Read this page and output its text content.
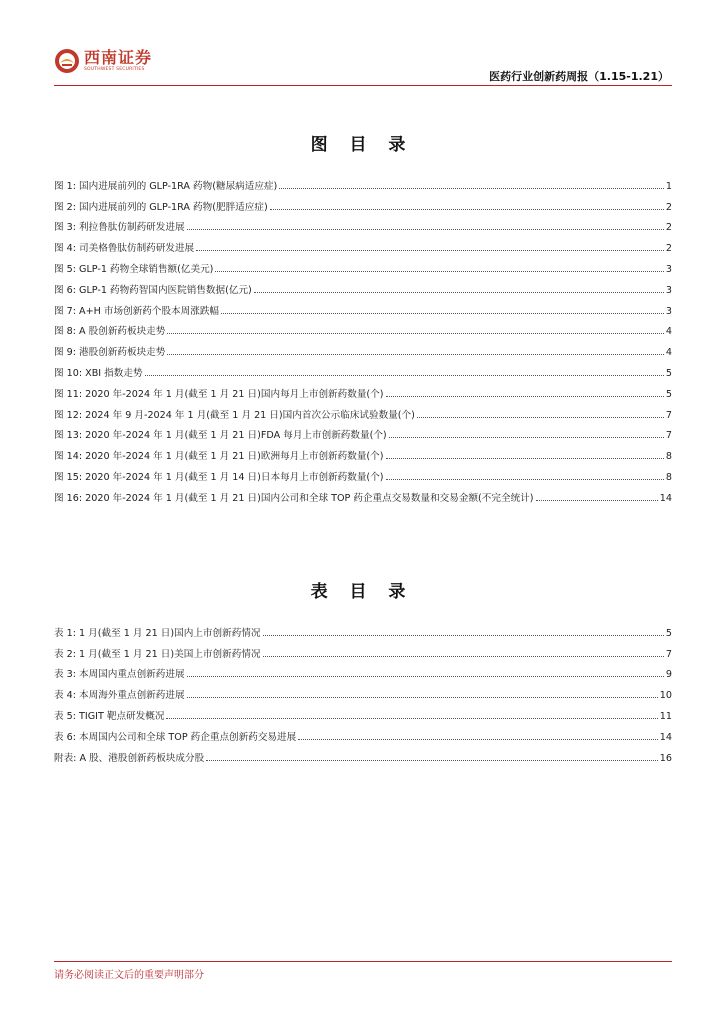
西南证券
SOUTHWEST SECURITIES
医药行业创新药周报（1.15-1.21）
图 目 录
图 1: 国内进展前列的 GLP-1RA 药物(糖尿病适应症)	1
图 2: 国内进展前列的 GLP-1RA 药物(肥胖适应症)	2
图 3: 利拉鲁肽仿制药研发进展	2
图 4: 司美格鲁肽仿制药研发进展	2
图 5: GLP-1 药物全球销售额(亿美元)	3
图 6: GLP-1 药物药智国内医院销售数据(亿元)	3
图 7: A+H 市场创新药个股本周涨跌幅	3
图 8: A 股创新药板块走势	4
图 9: 港股创新药板块走势	4
图 10: XBI 指数走势	5
图 11: 2020 年-2024 年 1 月(截至 1 月 21 日)国内每月上市创新药数量(个)	5
图 12: 2024 年 9 月-2024 年 1 月(截至 1 月 21 日)国内首次公示临床试验数量(个)	7
图 13: 2020 年-2024 年 1 月(截至 1 月 21 日)FDA 每月上市创新药数量(个)	7
图 14: 2020 年-2024 年 1 月(截至 1 月 21 日)欧洲每月上市创新药数量(个)	8
图 15: 2020 年-2024 年 1 月(截至 1 月 14 日)日本每月上市创新药数量(个)	8
图 16: 2020 年-2024 年 1 月(截至 1 月 21 日)国内公司和全球 TOP 药企重点交易数量和交易金额(不完全统计)	14
表 目 录
表 1: 1 月(截至 1 月 21 日)国内上市创新药情况	5
表 2: 1 月(截至 1 月 21 日)美国上市创新药情况	7
表 3: 本周国内重点创新药进展	9
表 4: 本周海外重点创新药进展	10
表 5: TIGIT 靶点研发概况	11
表 6: 本周国内公司和全球 TOP 药企重点创新药交易进展	14
附表: A 股、港股创新药板块成分股	16
请务必阅读正文后的重要声明部分
